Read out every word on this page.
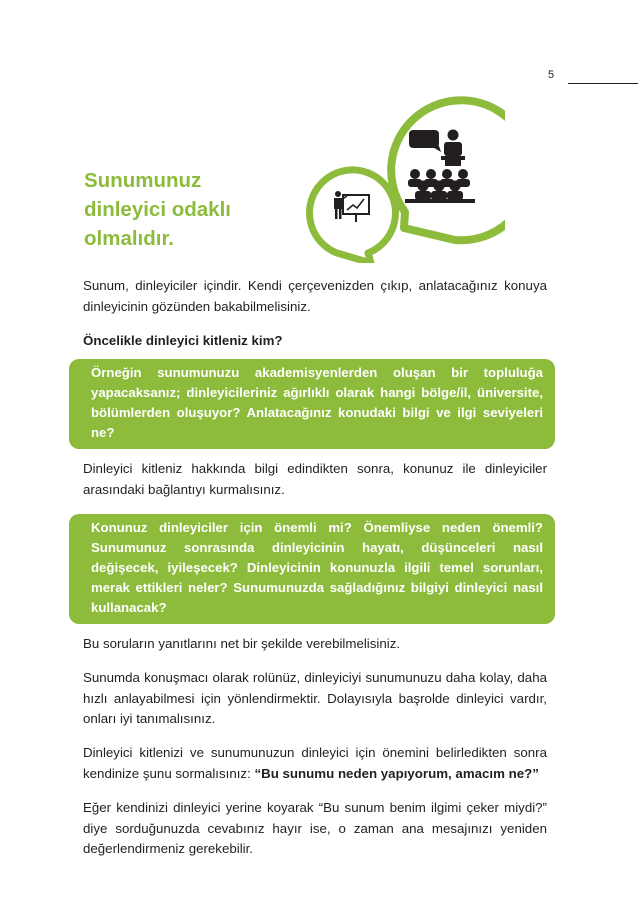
5
Sunumunuz
dinleyici odaklı
olmalıdır.

Sunum, dinleyiciler içindir. Kendi çerçevenizden çıkıp, anlatacağınız konuya dinleyicinin gözünden bakabilmelisiniz.

Öncelikle dinleyici kitleniz kim?

Örneğin sunumunuzu akademisyenlerden oluşan bir topluluğa yapacaksanız; dinleyicileriniz ağırlıklı olarak hangi bölge/il, üniversite, bölümlerden oluşuyor? Anlatacağınız konudaki bilgi ve ilgi seviyeleri ne?

Dinleyici kitleniz hakkında bilgi edindikten sonra, konunuz ile dinleyiciler arasındaki bağlantıyı kurmalısınız.

Konunuz dinleyiciler için önemli mi? Önemliyse neden önemli? Sunumunuz sonrasında dinleyicinin hayatı, düşünceleri nasıl değişecek, iyileşecek? Dinleyicinin konunuzla ilgili temel sorunları, merak ettikleri neler? Sunumunuzda sağladığınız bilgiyi dinleyici nasıl kullanacak?

Bu soruların yanıtlarını net bir şekilde verebilmelisiniz.

Sunumda konuşmacı olarak rolünüz, dinleyiciyi sunumunuzu daha kolay, daha hızlı anlayabilmesi için yönlendirmektir. Dolayısıyla başrolde dinleyici vardır, onları iyi tanımalısınız.

Dinleyici kitlenizi ve sunumunuzun dinleyici için önemini belirledikten sonra kendinize şunu sormalısınız: “Bu sunumu neden yapıyorum, amacım ne?”

Eğer kendinizi dinleyici yerine koyarak “Bu sunum benim ilgimi çeker miydi?” diye sorduğunuzda cevabınız hayır ise, o zaman ana mesajınızı yeniden değerlendirmeniz gerekebilir.
